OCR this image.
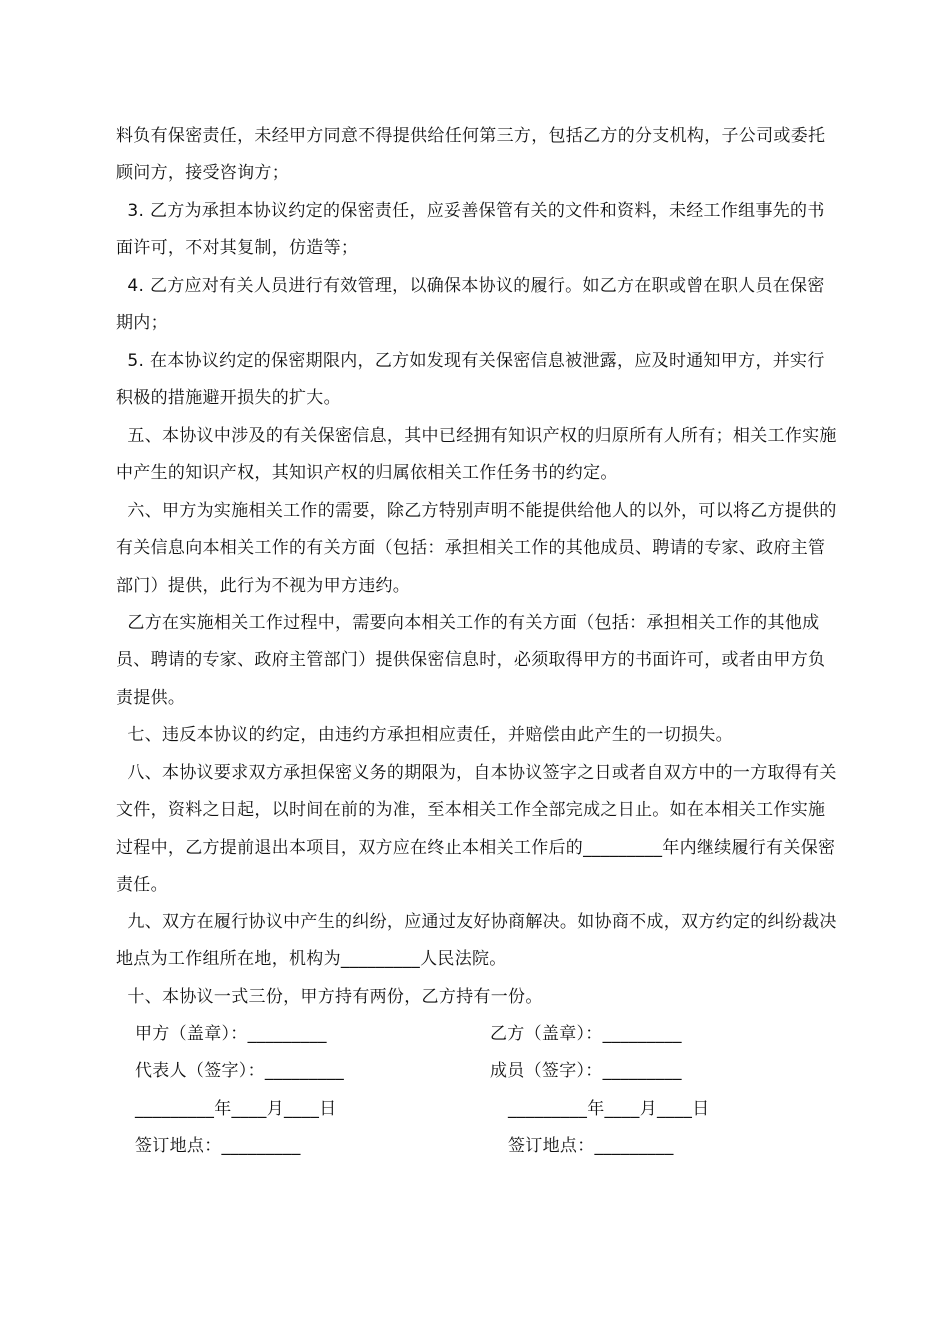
料负有保密责任，未经甲方同意不得提供给任何第三方，包括乙方的分支机构，子公司或委托顾问方，接受咨询方；
3. 乙方为承担本协议约定的保密责任，应妥善保管有关的文件和资料，未经工作组事先的书面许可，不对其复制，仿造等；
4. 乙方应对有关人员进行有效管理，以确保本协议的履行。如乙方在职或曾在职人员在保密期内；
5. 在本协议约定的保密期限内，乙方如发现有关保密信息被泄露，应及时通知甲方，并实行积极的措施避开损失的扩大。
五、本协议中涉及的有关保密信息，其中已经拥有知识产权的归原所有人所有；相关工作实施中产生的知识产权，其知识产权的归属依相关工作任务书的约定。
六、甲方为实施相关工作的需要，除乙方特别声明不能提供给他人的以外，可以将乙方提供的有关信息向本相关工作的有关方面（包括：承担相关工作的其他成员、聘请的专家、政府主管部门）提供，此行为不视为甲方违约。
乙方在实施相关工作过程中，需要向本相关工作的有关方面（包括：承担相关工作的其他成员、聘请的专家、政府主管部门）提供保密信息时，必须取得甲方的书面许可，或者由甲方负责提供。
七、违反本协议的约定，由违约方承担相应责任，并赔偿由此产生的一切损失。
八、本协议要求双方承担保密义务的期限为，自本协议签字之日或者自双方中的一方取得有关文件，资料之日起，以时间在前的为准，至本相关工作全部完成之日止。如在本相关工作实施过程中，乙方提前退出本项目，双方应在终止本相关工作后的_________年内继续履行有关保密责任。
九、双方在履行协议中产生的纠纷，应通过友好协商解决。如协商不成，双方约定的纠纷裁决地点为工作组所在地，机构为_________人民法院。
十、本协议一式三份，甲方持有两份，乙方持有一份。
甲方（盖章）：_________	乙方（盖章）：_________
代表人（签字）：_________	成员（签字）：_________
_________年____月____日	_________年____月____日
签订地点：_________	签订地点：_________
